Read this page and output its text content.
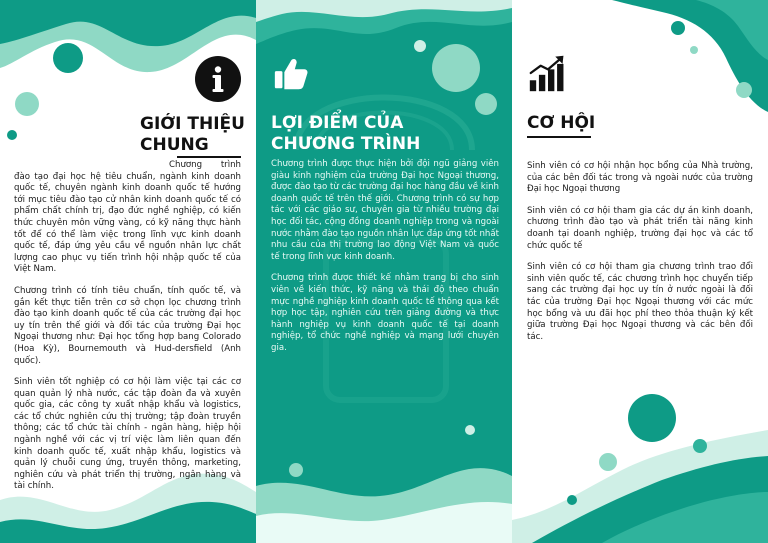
GIỚI THIỆU
CHUNG

Chương trình đào tạo đại học hệ tiêu chuẩn, ngành kinh doanh quốc tế, chuyên ngành kinh doanh quốc tế hướng tới mục tiêu đào tạo cử nhân kinh doanh quốc tế có phẩm chất chính trị, đạo đức nghề nghiệp, có kiến thức chuyên môn vững vàng, có kỹ năng thực hành tốt để có thể làm việc trong lĩnh vực kinh doanh quốc tế, đáp ứng yêu cầu về nguồn nhân lực chất lượng cao phục vụ tiến trình hội nhập quốc tế của Việt Nam.

Chương trình có tính tiêu chuẩn, tính quốc tế, và gắn kết thực tiễn trên cơ sở chọn lọc chương trình đào tạo kinh doanh quốc tế của các trường đại học uy tín trên thế giới và đối tác của trường Đại học Ngoại thương như: Đại học tổng hợp bang Colorado (Hoa Kỳ), Bournemouth và Hud-dersfield (Anh quốc).

Sinh viên tốt nghiệp có cơ hội làm việc tại các cơ quan quản lý nhà nước, các tập đoàn đa và xuyên quốc gia, các công ty xuất nhập khẩu và logistics, các tổ chức nghiên cứu thị trường; tập đoàn truyền thông; các tổ chức tài chính - ngân hàng, hiệp hội ngành nghề với các vị trí việc làm liên quan đến kinh doanh quốc tế, xuất nhập khẩu, logistics và quản lý chuỗi cung ứng, truyền thông, marketing, nghiên cứu và phát triển thị trường, ngân hàng và tài chính.

LỢI ĐIỂM CỦA
CHƯƠNG TRÌNH

Chương trình được thực hiện bởi đội ngũ giảng viên giàu kinh nghiệm của trường Đại học Ngoại thương, được đào tạo từ các trường đại học hàng đầu về kinh doanh quốc tế trên thế giới. Chương trình có sự hợp tác với các giáo sư, chuyên gia từ nhiều trường đại học đối tác, cộng đồng doanh nghiệp trong và ngoài nước nhằm đào tạo nguồn nhân lực đáp ứng tốt nhất nhu cầu của thị trường lao động Việt Nam và quốc tế trong lĩnh vực kinh doanh.

Chương trình được thiết kế nhằm trang bị cho sinh viên về kiến thức, kỹ năng và thái độ theo chuẩn mực nghề nghiệp kinh doanh quốc tế thông qua kết hợp học tập, nghiên cứu trên giảng đường và thực hành nghiệp vụ kinh doanh quốc tế tại doanh nghiệp, tổ chức nghề nghiệp và mạng lưới chuyên gia.

CƠ HỘI

Sinh viên có cơ hội nhận học bổng của Nhà trường, của các bên đối tác trong và ngoài nước của trường Đại học Ngoại thương

Sinh viên có cơ hội tham gia các dự án kinh doanh, chương trình đào tạo và phát triển tài năng kinh doanh tại doanh nghiệp, trường đại học và các tổ chức quốc tế

Sinh viên có cơ hội tham gia chương trình trao đổi sinh viên quốc tế, các chương trình học chuyển tiếp sang các trường đại học uy tín ở nước ngoài là đối tác của trường Đại học Ngoại thương với các mức học bổng và ưu đãi học phí theo thỏa thuận ký kết giữa trường Đại học Ngoại thương và các bên đối tác.
